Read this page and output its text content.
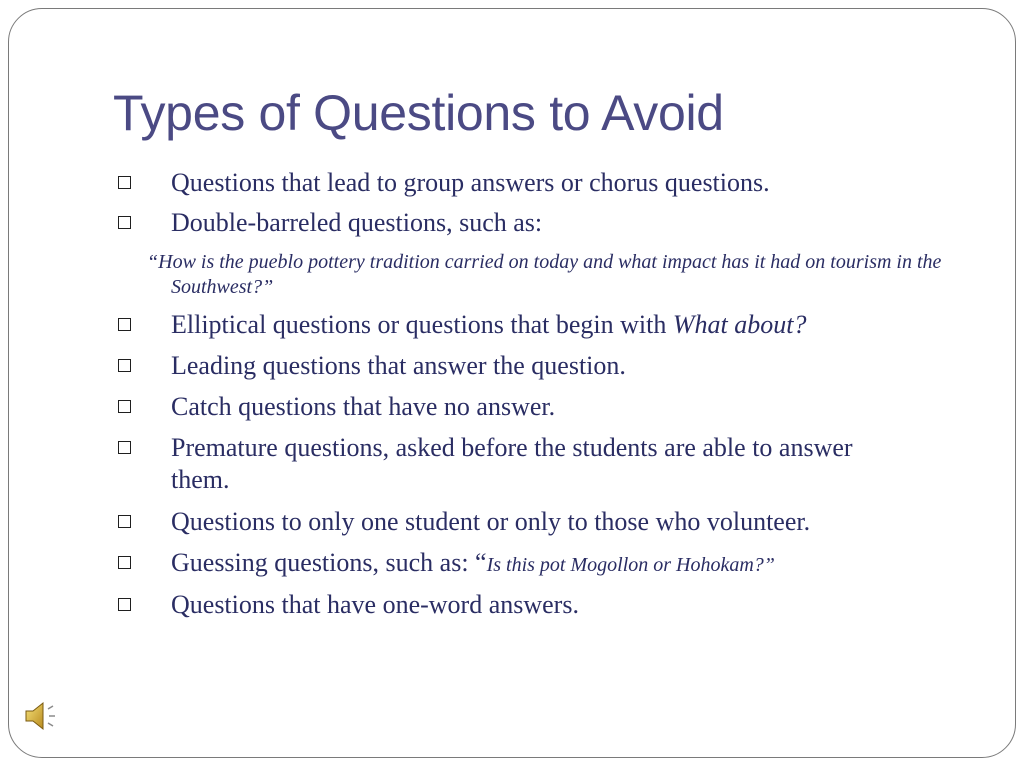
Types of Questions to Avoid
Questions that lead to group answers or chorus questions.
Double-barreled questions, such as:
“How is the pueblo pottery tradition carried on today and what impact has it had on tourism in the Southwest?”
Elliptical questions or questions that begin with What about?
Leading questions that answer the question.
Catch questions that have no answer.
Premature questions, asked before the students are able to answer them.
Questions to only one student or only to those who volunteer.
Guessing questions, such as: “Is this pot Mogollon or Hohokam?”
Questions that have one-word answers.
